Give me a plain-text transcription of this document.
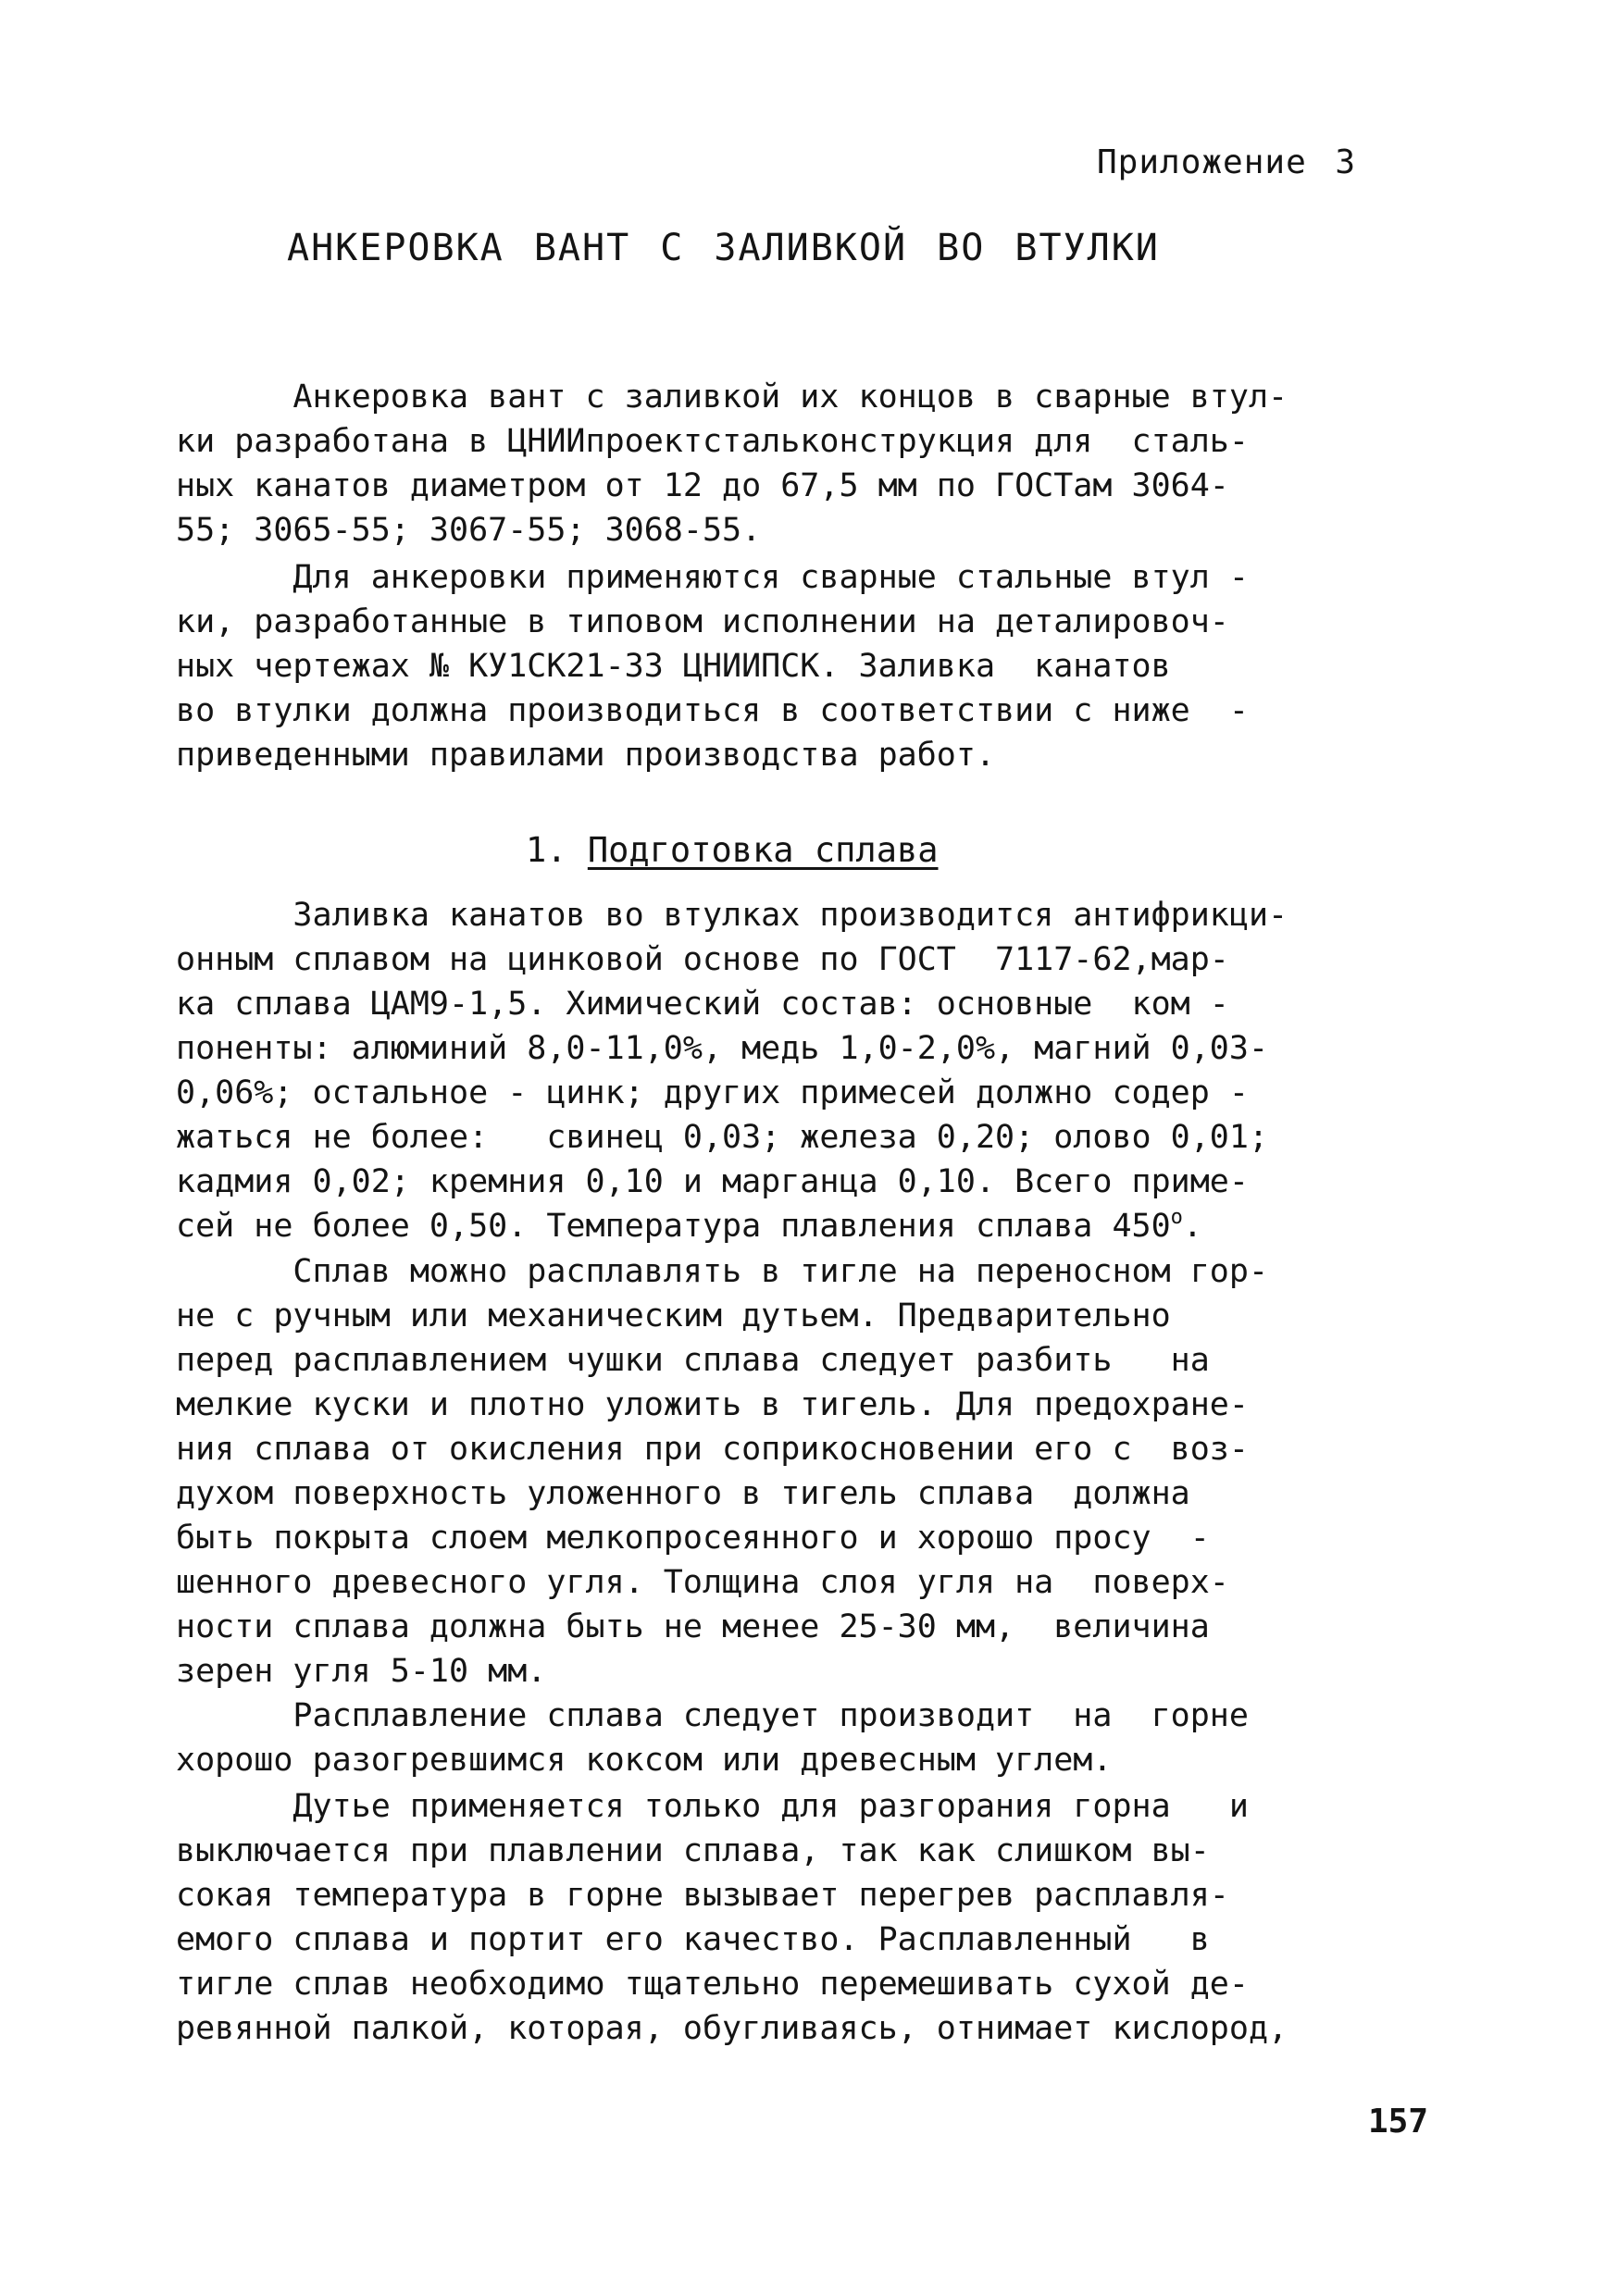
Приложение 3
АНКЕРОВКА ВАНТ С ЗАЛИВКОЙ ВО ВТУЛКИ
Анкеровка вант с заливкой их концов в сварные втул-
ки разработана в ЦНИИпроектстальконструкция для  сталь-
ных канатов диаметром от 12 до 67,5 мм по ГОСТам 3064-
55; 3065-55; 3067-55; 3068-55.
Для анкеровки применяются сварные стальные втул -
ки, разработанные в типовом исполнении на деталировоч-
ных чертежах № КУ1СК21-33 ЦНИИПСК. Заливка  канатов
во втулки должна производиться в соответствии с ниже  -
приведенными правилами производства работ.
1. Подготовка сплава
Заливка канатов во втулках производится антифрикци-
онным сплавом на цинковой основе по ГОСТ  7117-62,мар-
ка сплава ЦАМ9-1,5. Химический состав: основные  ком -
поненты: алюминий 8,0-11,0%, медь 1,0-2,0%, магний 0,03-
0,06%; остальное - цинк; других примесей должно содер -
жаться не более:   свинец 0,03; железа 0,20; олово 0,01;
кадмия 0,02; кремния 0,10 и марганца 0,10. Всего приме-
сей не более 0,50. Температура плавления сплава $450^о$.
Сплав можно расплавлять в тигле на переносном гор-
не с ручным или механическим дутьем. Предварительно
перед расплавлением чушки сплава следует разбить   на
мелкие куски и плотно уложить в тигель. Для предохране-
ния сплава от окисления при соприкосновении его с  воз-
духом поверхность уложенного в тигель сплава  должна
быть покрыта слоем мелкопросеянного и хорошо просу  -
шенного древесного угля. Толщина слоя угля на  поверх-
ности сплава должна быть не менее 25-30 мм,  величина
зерен угля 5-10 мм.
Расплавление сплава следует производит  на  горне
хорошо разогревшимся коксом или древесным углем.
Дутье применяется только для разгорания горна   и
выключается при плавлении сплава, так как слишком вы-
сокая температура в горне вызывает перегрев расплавля-
емого сплава и портит его качество. Расплавленный   в
тигле сплав необходимо тщательно перемешивать сухой де-
ревянной палкой, которая, обугливаясь, отнимает кислород,
157
